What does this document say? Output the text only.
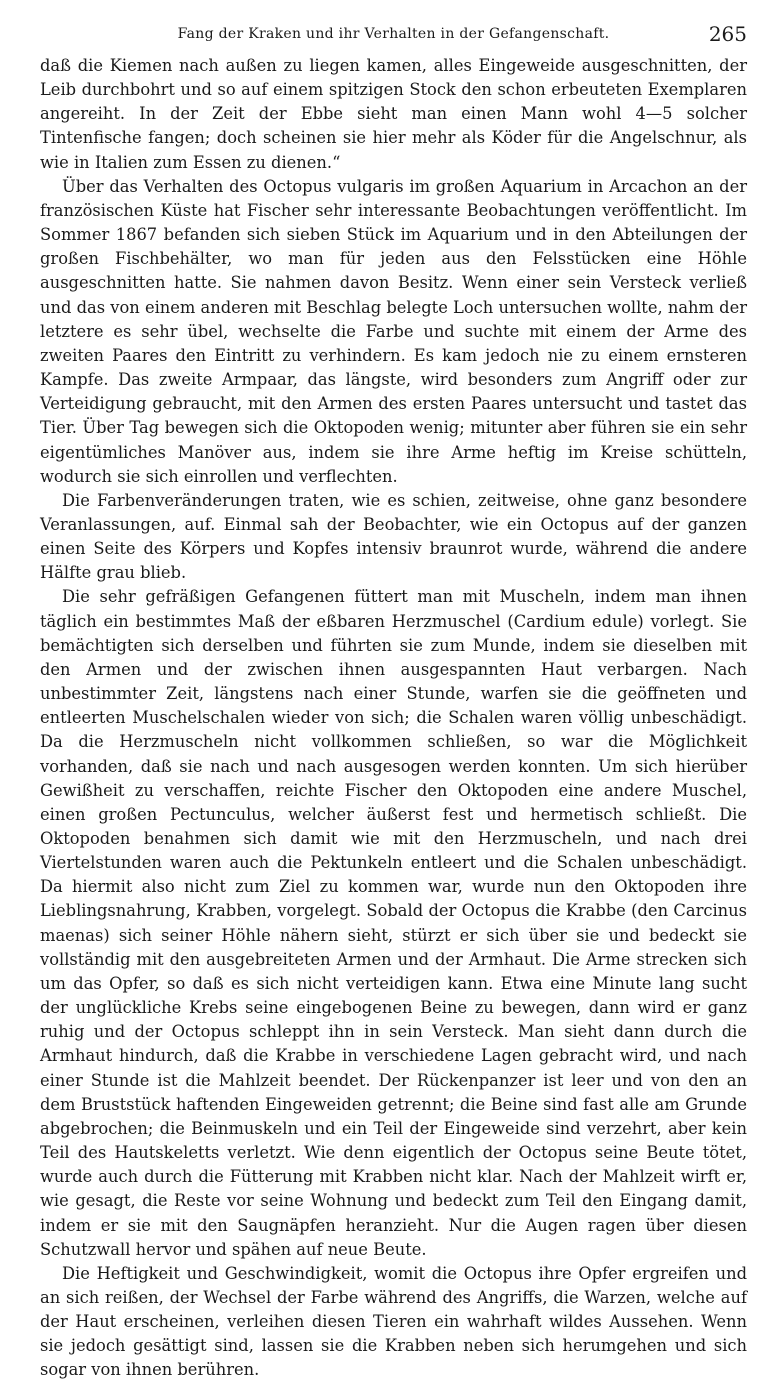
Fang der Kraken und ihr Verhalten in der Gefangenschaft.	265

daß die Kiemen nach außen zu liegen kamen, alles Eingeweide ausgeschnitten, der Leib durchbohrt und so auf einem spitzigen Stock den schon erbeuteten Exemplaren angereiht. In der Zeit der Ebbe sieht man einen Mann wohl 4—5 solcher Tintenfische fangen; doch scheinen sie hier mehr als Köder für die Angelschnur, als wie in Italien zum Essen zu dienen.“

Über das Verhalten des Octopus vulgaris im großen Aquarium in Arcachon an der französischen Küste hat Fischer sehr interessante Beobachtungen veröffentlicht. Im Sommer 1867 befanden sich sieben Stück im Aquarium und in den Abteilungen der großen Fischbehälter, wo man für jeden aus den Felsstücken eine Höhle ausgeschnitten hatte. Sie nahmen davon Besitz. Wenn einer sein Versteck verließ und das von einem anderen mit Beschlag belegte Loch untersuchen wollte, nahm der letztere es sehr übel, wechselte die Farbe und suchte mit einem der Arme des zweiten Paares den Eintritt zu verhindern. Es kam jedoch nie zu einem ernsteren Kampfe. Das zweite Armpaar, das längste, wird besonders zum Angriff oder zur Verteidigung gebraucht, mit den Armen des ersten Paares untersucht und tastet das Tier. Über Tag bewegen sich die Oktopoden wenig; mitunter aber führen sie ein sehr eigentümliches Manöver aus, indem sie ihre Arme heftig im Kreise schütteln, wodurch sie sich einrollen und verflechten.

Die Farbenveränderungen traten, wie es schien, zeitweise, ohne ganz besondere Veranlassungen, auf. Einmal sah der Beobachter, wie ein Octopus auf der ganzen einen Seite des Körpers und Kopfes intensiv braunrot wurde, während die andere Hälfte grau blieb.

Die sehr gefräßigen Gefangenen füttert man mit Muscheln, indem man ihnen täglich ein bestimmtes Maß der eßbaren Herzmuschel (Cardium edule) vorlegt. Sie bemächtigten sich derselben und führten sie zum Munde, indem sie dieselben mit den Armen und der zwischen ihnen ausgespannten Haut verbargen. Nach unbestimmter Zeit, längstens nach einer Stunde, warfen sie die geöffneten und entleerten Muschelschalen wieder von sich; die Schalen waren völlig unbeschädigt. Da die Herzmuscheln nicht vollkommen schließen, so war die Möglichkeit vorhanden, daß sie nach und nach ausgesogen werden konnten. Um sich hierüber Gewißheit zu verschaffen, reichte Fischer den Oktopoden eine andere Muschel, einen großen Pectunculus, welcher äußerst fest und hermetisch schließt. Die Oktopoden benahmen sich damit wie mit den Herzmuscheln, und nach drei Viertelstunden waren auch die Pektunkeln entleert und die Schalen unbeschädigt. Da hiermit also nicht zum Ziel zu kommen war, wurde nun den Oktopoden ihre Lieblingsnahrung, Krabben, vorgelegt. Sobald der Octopus die Krabbe (den Carcinus maenas) sich seiner Höhle nähern sieht, stürzt er sich über sie und bedeckt sie vollständig mit den ausgebreiteten Armen und der Armhaut. Die Arme strecken sich um das Opfer, so daß es sich nicht verteidigen kann. Etwa eine Minute lang sucht der unglückliche Krebs seine eingebogenen Beine zu bewegen, dann wird er ganz ruhig und der Octopus schleppt ihn in sein Versteck. Man sieht dann durch die Armhaut hindurch, daß die Krabbe in verschiedene Lagen gebracht wird, und nach einer Stunde ist die Mahlzeit beendet. Der Rückenpanzer ist leer und von den an dem Bruststück haftenden Eingeweiden getrennt; die Beine sind fast alle am Grunde abgebrochen; die Beinmuskeln und ein Teil der Eingeweide sind verzehrt, aber kein Teil des Hautskeletts verletzt. Wie denn eigentlich der Octopus seine Beute tötet, wurde auch durch die Fütterung mit Krabben nicht klar. Nach der Mahlzeit wirft er, wie gesagt, die Reste vor seine Wohnung und bedeckt zum Teil den Eingang damit, indem er sie mit den Saugnäpfen heranzieht. Nur die Augen ragen über diesen Schutzwall hervor und spähen auf neue Beute.

Die Heftigkeit und Geschwindigkeit, womit die Octopus ihre Opfer ergreifen und an sich reißen, der Wechsel der Farbe während des Angriffs, die Warzen, welche auf der Haut erscheinen, verleihen diesen Tieren ein wahrhaft wildes Aussehen. Wenn sie jedoch gesättigt sind, lassen sie die Krabben neben sich herumgehen und sich sogar von ihnen berühren.
